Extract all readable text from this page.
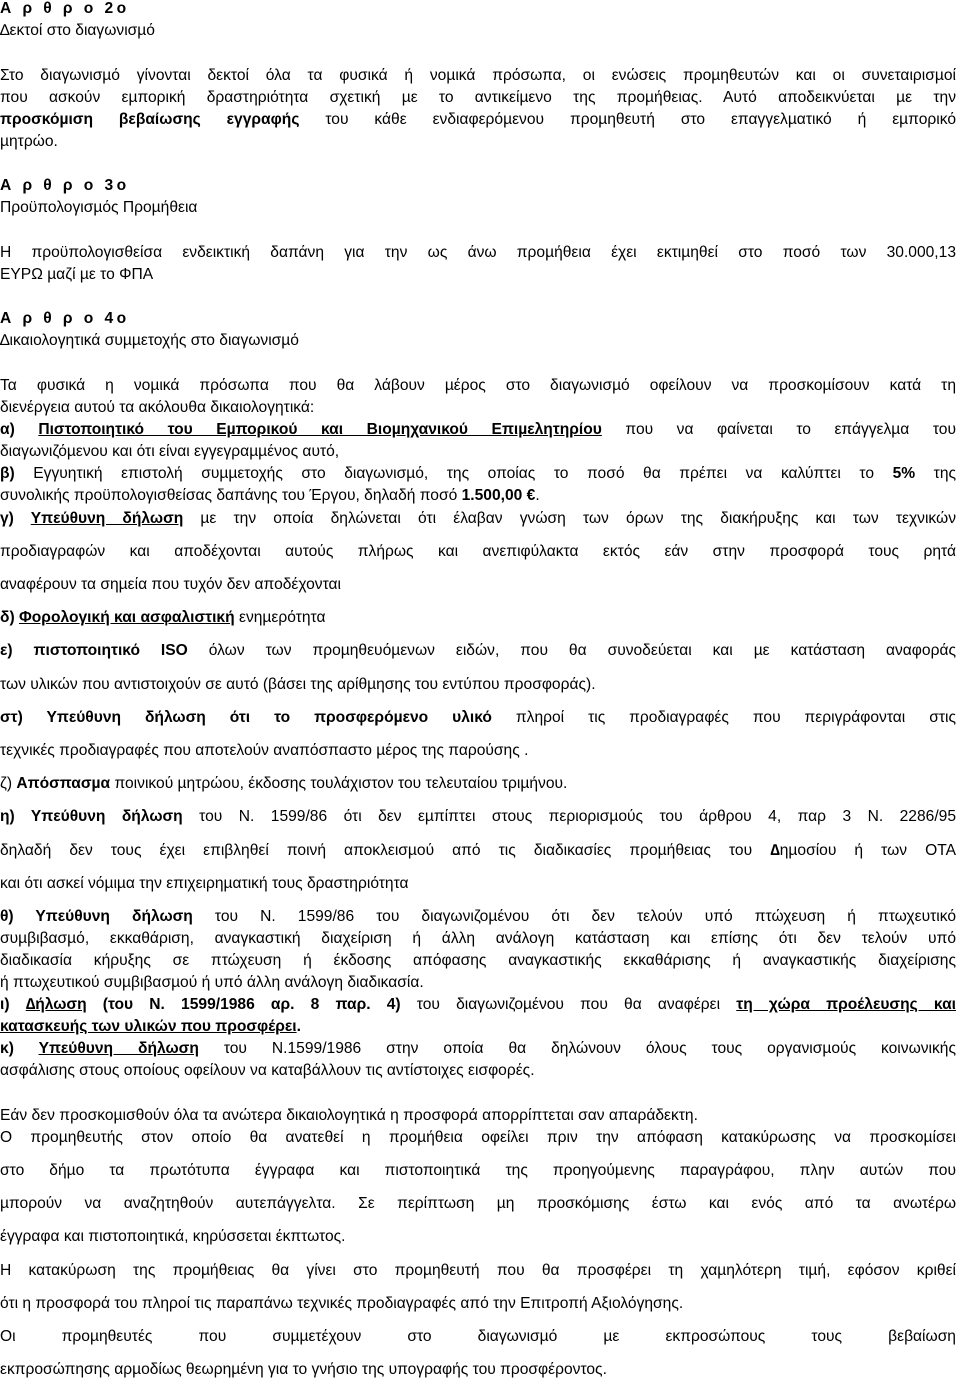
Α ρ θ ρ ο 2ο
∆εκτοί στο διαγωνισµό
Στο διαγωνισµό γίνονται δεκτοί όλα τα φυσικά ή νοµικά πρόσωπα, οι ενώσεις προµηθευτών και οι συνεταιρισµοί
που ασκούν εµπορική δραστηριότητα σχετική µε το αντικείµενο της προµήθειας. Αυτό αποδεικνύεται µε την
προσκόµιση βεβαίωσης εγγραφής του κάθε ενδιαφερόµενου προµηθευτή στο επαγγελµατικό ή εµπορικό
µητρώο.
Α ρ θ ρ ο 3ο
Προϋπολογισµός Προµήθεια
Η προϋπολογισθείσα ενδεικτική δαπάνη για την ως άνω προµήθεια έχει εκτιµηθεί στο ποσό των 30.000,13
ΕΥΡΩ µαζί µε το ΦΠΑ
Α ρ θ ρ ο 4ο
∆ικαιολογητικά συµµετοχής στο διαγωνισµό
Τα φυσικά η νοµικά πρόσωπα που θα λάβουν µέρος στο διαγωνισµό οφείλουν να προσκοµίσουν κατά τη
διενέργεια αυτού τα ακόλουθα δικαιολογητικά:
α) Πιστοποιητικό του Εµπορικού και Βιοµηχανικού Επιµελητηρίου που να φαίνεται το επάγγελµα του
διαγωνιζόµενου και ότι είναι εγγεγραµµένος αυτό,
β) Εγγυητική επιστολή συµµετοχής στο διαγωνισµό, της οποίας το ποσό θα πρέπει να καλύπτει το 5% της
συνολικής προϋπολογισθείσας δαπάνης του Έργου, δηλαδή ποσό 1.500,00 €.
γ) Υπεύθυνη δήλωση µε την οποία δηλώνεται ότι έλαβαν γνώση των όρων της διακήρυξης και των τεχνικών
προδιαγραφών και αποδέχονται αυτούς πλήρως και ανεπιφύλακτα εκτός εάν στην προσφορά τους ρητά
αναφέρουν τα σηµεία που τυχόν δεν αποδέχονται
δ) Φορολογική και ασφαλιστική ενηµερότητα
ε) πιστοποιητικό ISO όλων των προµηθευόµενων ειδών, που θα συνοδεύεται και µε κατάσταση αναφοράς
των υλικών που αντιστοιχούν σε αυτό (βάσει της αρίθµησης του εντύπου προσφοράς).
στ) Υπεύθυνη δήλωση ότι το προσφερόµενο υλικό πληροί τις προδιαγραφές που περιγράφονται στις
τεχνικές προδιαγραφές που αποτελούν αναπόσπαστο µέρος της παρούσης .
ζ) Απόσπασµα ποινικού µητρώου, έκδοσης τουλάχιστον του τελευταίου τριµήνου.
η) Υπεύθυνη δήλωση του Ν. 1599/86 ότι δεν εµπίπτει στους περιορισµούς του άρθρου 4, παρ 3 Ν. 2286/95
δηλαδή δεν τους έχει επιβληθεί ποινή αποκλεισµού από τις διαδικασίες προµήθειας του ∆ηµοσίου ή των ΟΤΑ
και ότι ασκεί νόµιµα την επιχειρηµατική τους δραστηριότητα
θ) Υπεύθυνη δήλωση του Ν. 1599/86 του διαγωνιζοµένου ότι δεν τελούν υπό πτώχευση ή πτωχευτικό
συµβιβασµό, εκκαθάριση, αναγκαστική διαχείριση ή άλλη ανάλογη κατάσταση και επίσης ότι δεν τελούν υπό
διαδικασία κήρυξης σε πτώχευση ή έκδοσης απόφασης αναγκαστικής εκκαθάρισης ή αναγκαστικής διαχείρισης
ή πτωχευτικού συµβιβασµού ή υπό άλλη ανάλογη διαδικασία.
ι) ∆ήλωση (του Ν. 1599/1986 αρ. 8 παρ. 4) του διαγωνιζοµένου που θα αναφέρει τη χώρα προέλευσης και
κατασκευής των υλικών που προσφέρει.
κ) Υπεύθυνη δήλωση του Ν.1599/1986 στην οποία θα δηλώνουν όλους τους οργανισµούς κοινωνικής
ασφάλισης στους οποίους οφείλουν να καταβάλλουν τις αντίστοιχες εισφορές.
Εάν δεν προσκοµισθούν όλα τα ανώτερα δικαιολογητικά η προσφορά απορρίπτεται σαν απαράδεκτη.
Ο προµηθευτής στον οποίο θα ανατεθεί η προµήθεια οφείλει πριν την απόφαση κατακύρωσης να προσκοµίσει
στο δήµο τα πρωτότυπα έγγραφα και πιστοποιητικά της προηγούµενης παραγράφου, πλην αυτών που
µπορούν να αναζητηθούν αυτεπάγγελτα. Σε περίπτωση µη προσκόµισης έστω και ενός από τα ανωτέρω
έγγραφα και πιστοποιητικά, κηρύσσεται έκπτωτος.
Η κατακύρωση της προµήθειας θα γίνει στο προµηθευτή που θα προσφέρει τη χαµηλότερη τιµή, εφόσον κριθεί
ότι η προσφορά του πληροί τις παραπάνω τεχνικές προδιαγραφές από την Επιτροπή Αξιολόγησης.
Οι προµηθευτές που συµµετέχουν στο διαγωνισµό µε εκπροσώπους τους βεβαίωση
εκπροσώπησης αρµοδίως θεωρηµένη για το γνήσιο της υπογραφής του προσφέροντος.
